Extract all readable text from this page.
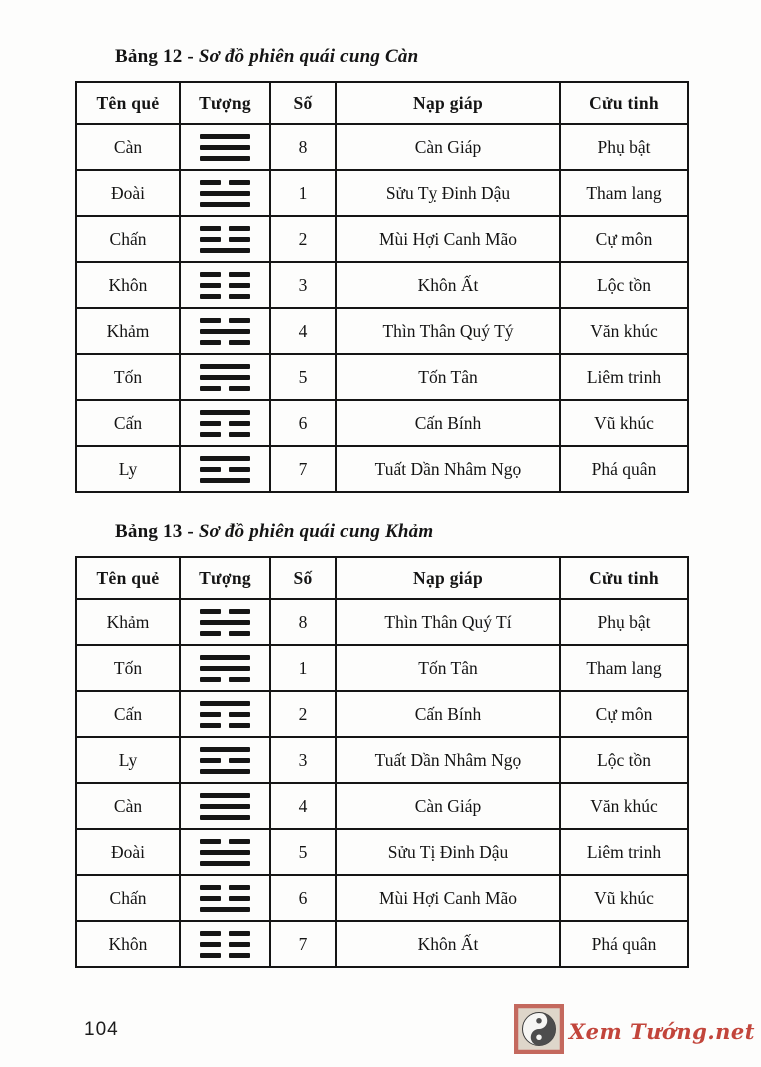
Bảng 12 - Sơ đồ phiên quái cung Càn
Tên quẻ	Tượng	Số	Nạp giáp	Cửu tinh
Càn		8	Càn Giáp	Phụ bật
Đoài		1	Sửu Tỵ Đinh Dậu	Tham lang
Chấn		2	Mùi Hợi Canh Mão	Cự môn
Khôn		3	Khôn Ất	Lộc tồn
Khảm		4	Thìn Thân Quý Tý	Văn khúc
Tốn		5	Tốn Tân	Liêm trinh
Cấn		6	Cấn Bính	Vũ khúc
Ly		7	Tuất Dần Nhâm Ngọ	Phá quân
Bảng 13 - Sơ đồ phiên quái cung Khảm
Tên quẻ	Tượng	Số	Nạp giáp	Cửu tinh
Khảm		8	Thìn Thân Quý Tí	Phụ bật
Tốn		1	Tốn Tân	Tham lang
Cấn		2	Cấn Bính	Cự môn
Ly		3	Tuất Dần Nhâm Ngọ	Lộc tồn
Càn		4	Càn Giáp	Văn khúc
Đoài		5	Sửu Tị Đinh Dậu	Liêm trinh
Chấn		6	Mùi Hợi Canh Mão	Vũ khúc
Khôn		7	Khôn Ất	Phá quân
104	Xem Tướng.net
